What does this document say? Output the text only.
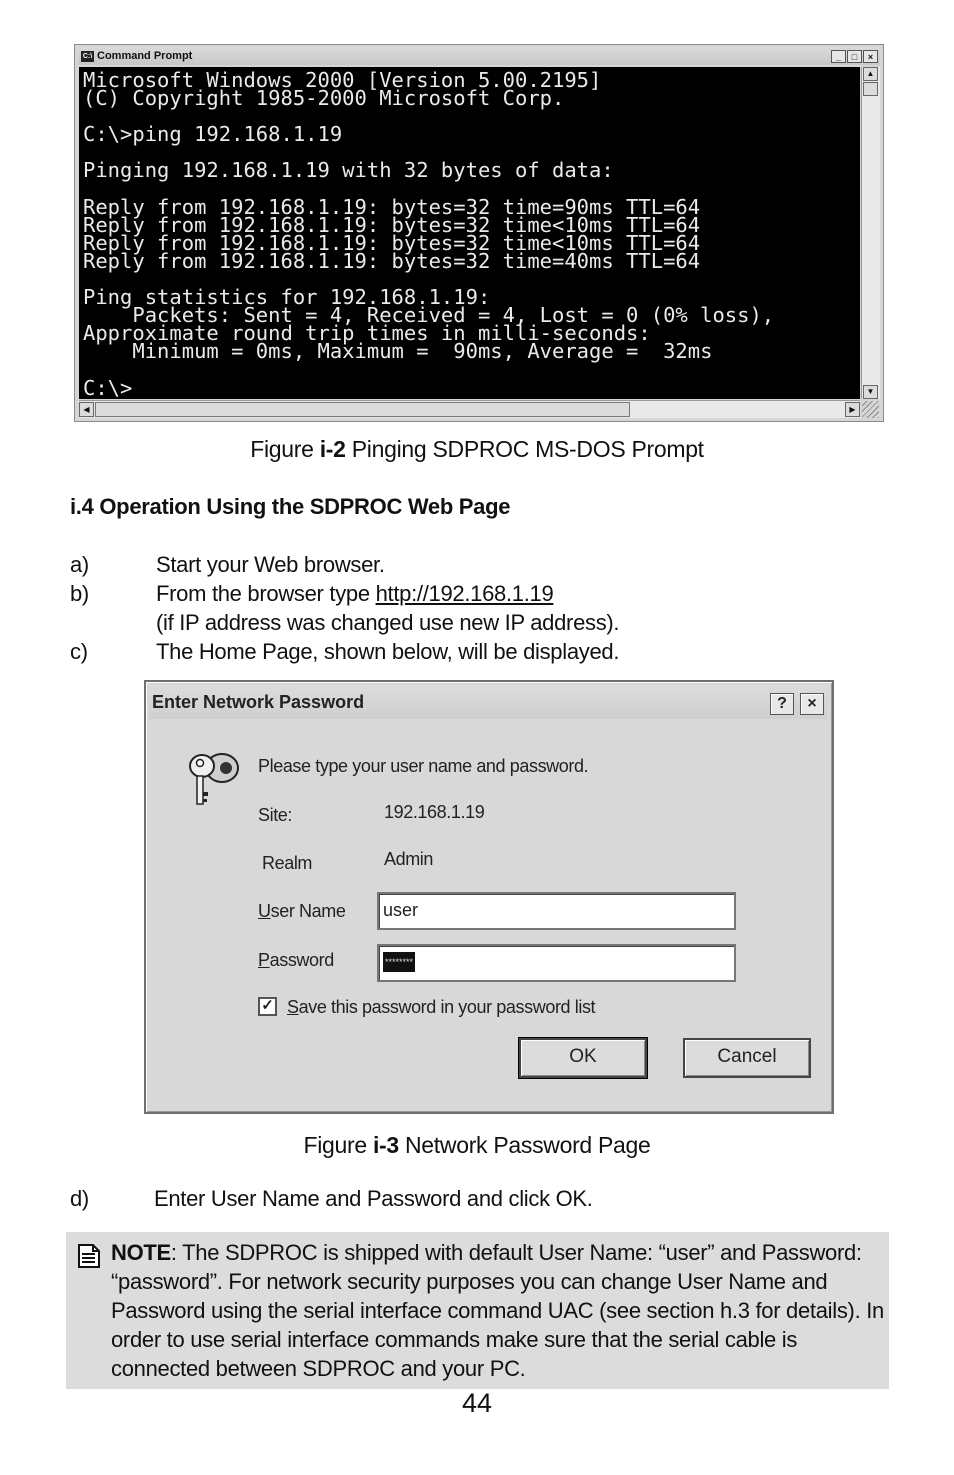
C:\ Command Prompt	_	□	×
Microsoft Windows 2000 [Version 5.00.2195]
(C) Copyright 1985-2000 Microsoft Corp.

C:\>ping 192.168.1.19

Pinging 192.168.1.19 with 32 bytes of data:

Reply from 192.168.1.19: bytes=32 time=90ms TTL=64
Reply from 192.168.1.19: bytes=32 time<10ms TTL=64
Reply from 192.168.1.19: bytes=32 time<10ms TTL=64
Reply from 192.168.1.19: bytes=32 time=40ms TTL=64

Ping statistics for 192.168.1.19:
Packets: Sent = 4, Received = 4, Lost = 0 (0% loss),
Approximate round trip times in milli-seconds:
Minimum = 0ms, Maximum =  90ms, Average =  32ms

C:\>_
▲
▼
◀	▶
Figure i-2 Pinging SDPROC MS-DOS Prompt
i.4 Operation Using the SDPROC Web Page
a)	Start your Web browser.
b)	From the browser type http://192.168.1.19
(if IP address was changed use new IP address).
c)	The Home Page, shown below, will be displayed.
Enter Network Password	?	×
Please type your user name and password.
Site:	192.168.1.19
Realm	Admin
User Name	user
Password	********
✓ Save this password in your password list
OK	Cancel
Figure i-3 Network Password Page
d)	Enter User Name and Password and click OK.
NOTE: The SDPROC is shipped with default User Name: “user” and Password: “password”. For network security purposes you can change User Name and Password using the serial interface command UAC (see section h.3 for details). In order to use serial interface commands make sure that the serial cable is connected between SDPROC and your PC.
44
